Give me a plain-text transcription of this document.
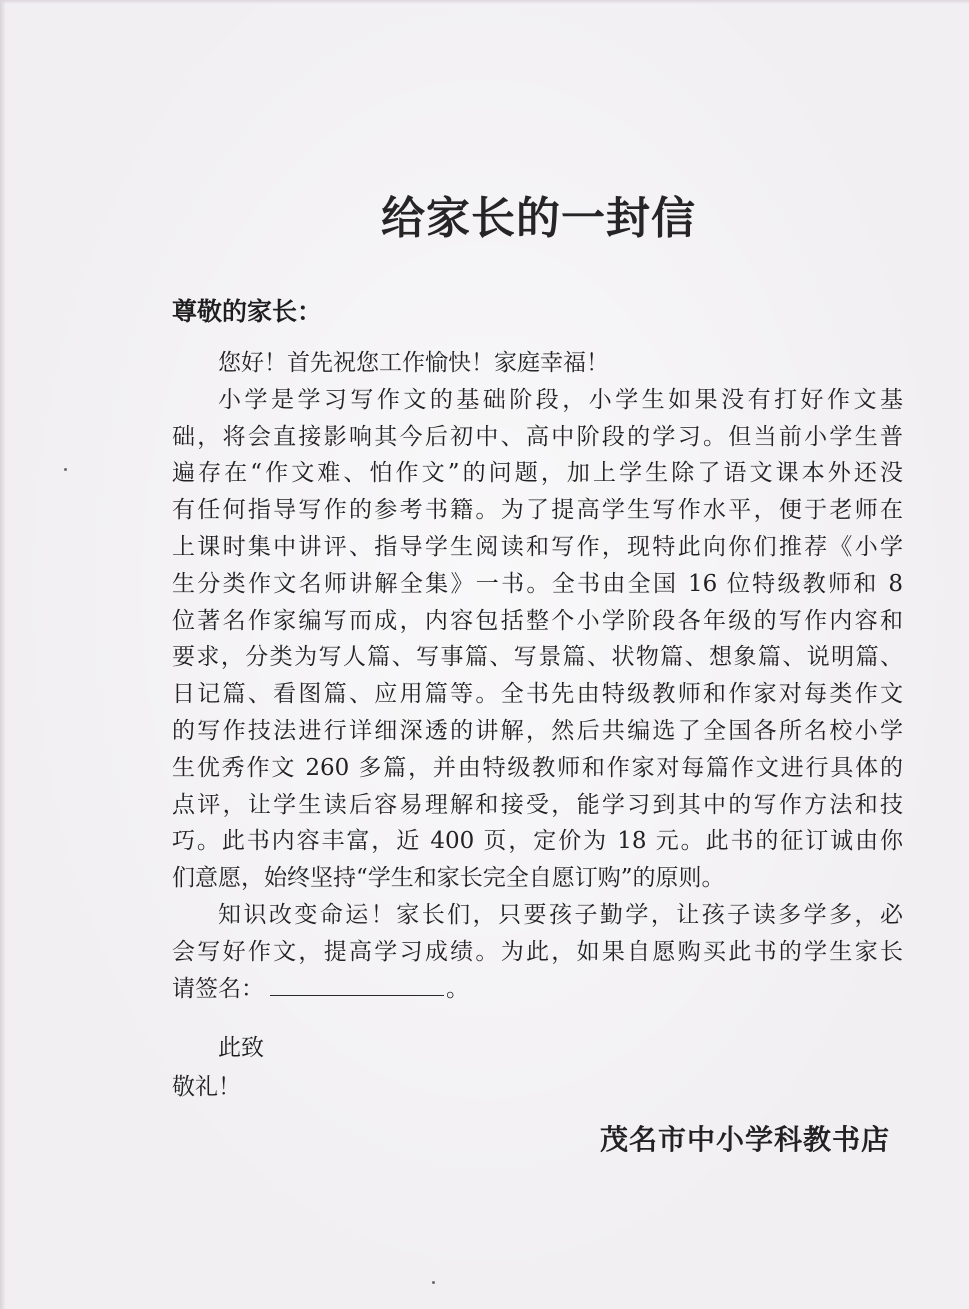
给家长的一封信
尊敬的家长：
您好！首先祝您工作愉快！家庭幸福！
小学是学习写作文的基础阶段，小学生如果没有打好作文基
础，将会直接影响其今后初中、高中阶段的学习。但当前小学生普
遍存在“作文难、怕作文”的问题，加上学生除了语文课本外还没
有任何指导写作的参考书籍。为了提高学生写作水平，便于老师在
上课时集中讲评、指导学生阅读和写作，现特此向你们推荐《小学
生分类作文名师讲解全集》一书。全书由全国 16 位特级教师和 8
位著名作家编写而成，内容包括整个小学阶段各年级的写作内容和
要求，分类为写人篇、写事篇、写景篇、状物篇、想象篇、说明篇、
日记篇、看图篇、应用篇等。全书先由特级教师和作家对每类作文
的写作技法进行详细深透的讲解，然后共编选了全国各所名校小学
生优秀作文 260 多篇，并由特级教师和作家对每篇作文进行具体的
点评，让学生读后容易理解和接受，能学习到其中的写作方法和技
巧。此书内容丰富，近 400 页，定价为 18 元。此书的征订诚由你
们意愿，始终坚持“学生和家长完全自愿订购”的原则。
知识改变命运！家长们，只要孩子勤学，让孩子读多学多，必
会写好作文，提高学习成绩。为此，如果自愿购买此书的学生家长
请签名：	。
此致
敬礼！
茂名市中小学科教书店
